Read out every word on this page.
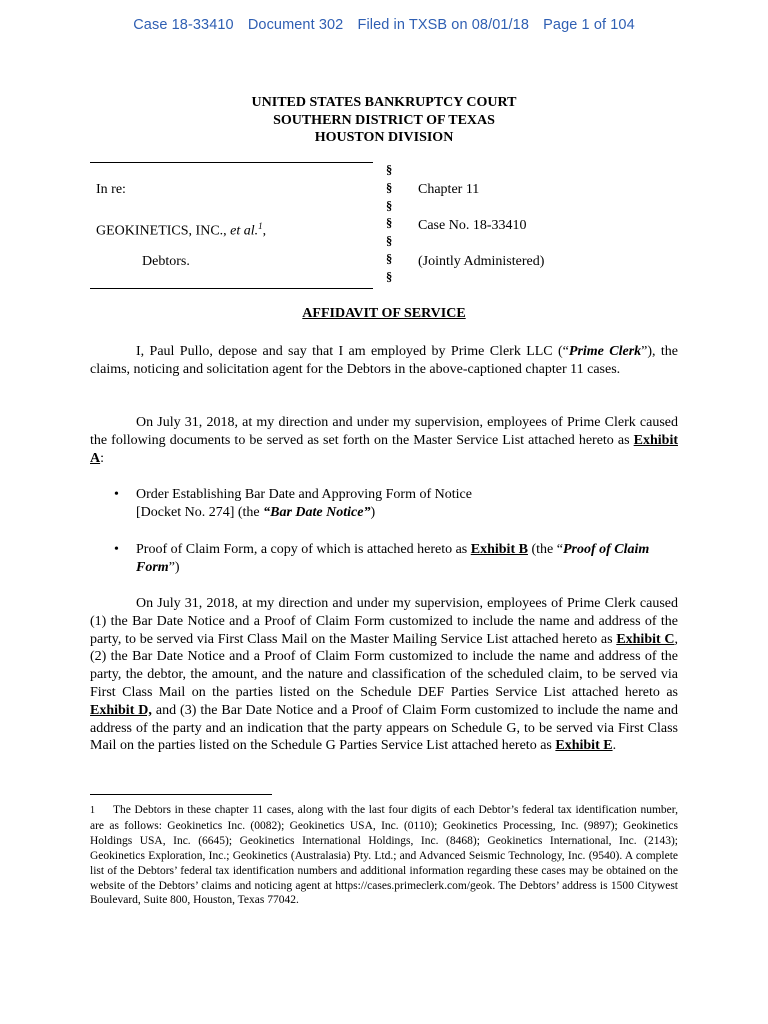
Case 18-33410 Document 302 Filed in TXSB on 08/01/18 Page 1 of 104
UNITED STATES BANKRUPTCY COURT
SOUTHERN DISTRICT OF TEXAS
HOUSTON DIVISION
§
§
§
§
§
§
§
In re:
GEOKINETICS, INC., et al.$^1$,
Debtors.
Chapter 11
Case No. 18-33410
(Jointly Administered)
AFFIDAVIT OF SERVICE
I, Paul Pullo, depose and say that I am employed by Prime Clerk LLC (“Prime Clerk”), the claims, noticing and solicitation agent for the Debtors in the above-captioned chapter 11 cases.
On July 31, 2018, at my direction and under my supervision, employees of Prime Clerk caused the following documents to be served as set forth on the Master Service List attached hereto as Exhibit A:
• Order Establishing Bar Date and Approving Form of Notice
[Docket No. 274] (the “Bar Date Notice”)
• Proof of Claim Form, a copy of which is attached hereto as Exhibit B (the “Proof of Claim Form”)
On July 31, 2018, at my direction and under my supervision, employees of Prime Clerk caused (1) the Bar Date Notice and a Proof of Claim Form customized to include the name and address of the party, to be served via First Class Mail on the Master Mailing Service List attached hereto as Exhibit C, (2) the Bar Date Notice and a Proof of Claim Form customized to include the name and address of the party, the debtor, the amount, and the nature and classification of the scheduled claim, to be served via First Class Mail on the parties listed on the Schedule DEF Parties Service List attached hereto as Exhibit D, and (3) the Bar Date Notice and a Proof of Claim Form customized to include the name and address of the party and an indication that the party appears on Schedule G, to be served via First Class Mail on the parties listed on the Schedule G Parties Service List attached hereto as Exhibit E.
1 The Debtors in these chapter 11 cases, along with the last four digits of each Debtor’s federal tax identification number, are as follows: Geokinetics Inc. (0082); Geokinetics USA, Inc. (0110); Geokinetics Processing, Inc. (9897); Geokinetics Holdings USA, Inc. (6645); Geokinetics International Holdings, Inc. (8468); Geokinetics International, Inc. (2143); Geokinetics Exploration, Inc.; Geokinetics (Australasia) Pty. Ltd.; and Advanced Seismic Technology, Inc. (9540). A complete list of the Debtors’ federal tax identification numbers and additional information regarding these cases may be obtained on the website of the Debtors’ claims and noticing agent at https://cases.primeclerk.com/geok. The Debtors’ address is 1500 Citywest Boulevard, Suite 800, Houston, Texas 77042.
